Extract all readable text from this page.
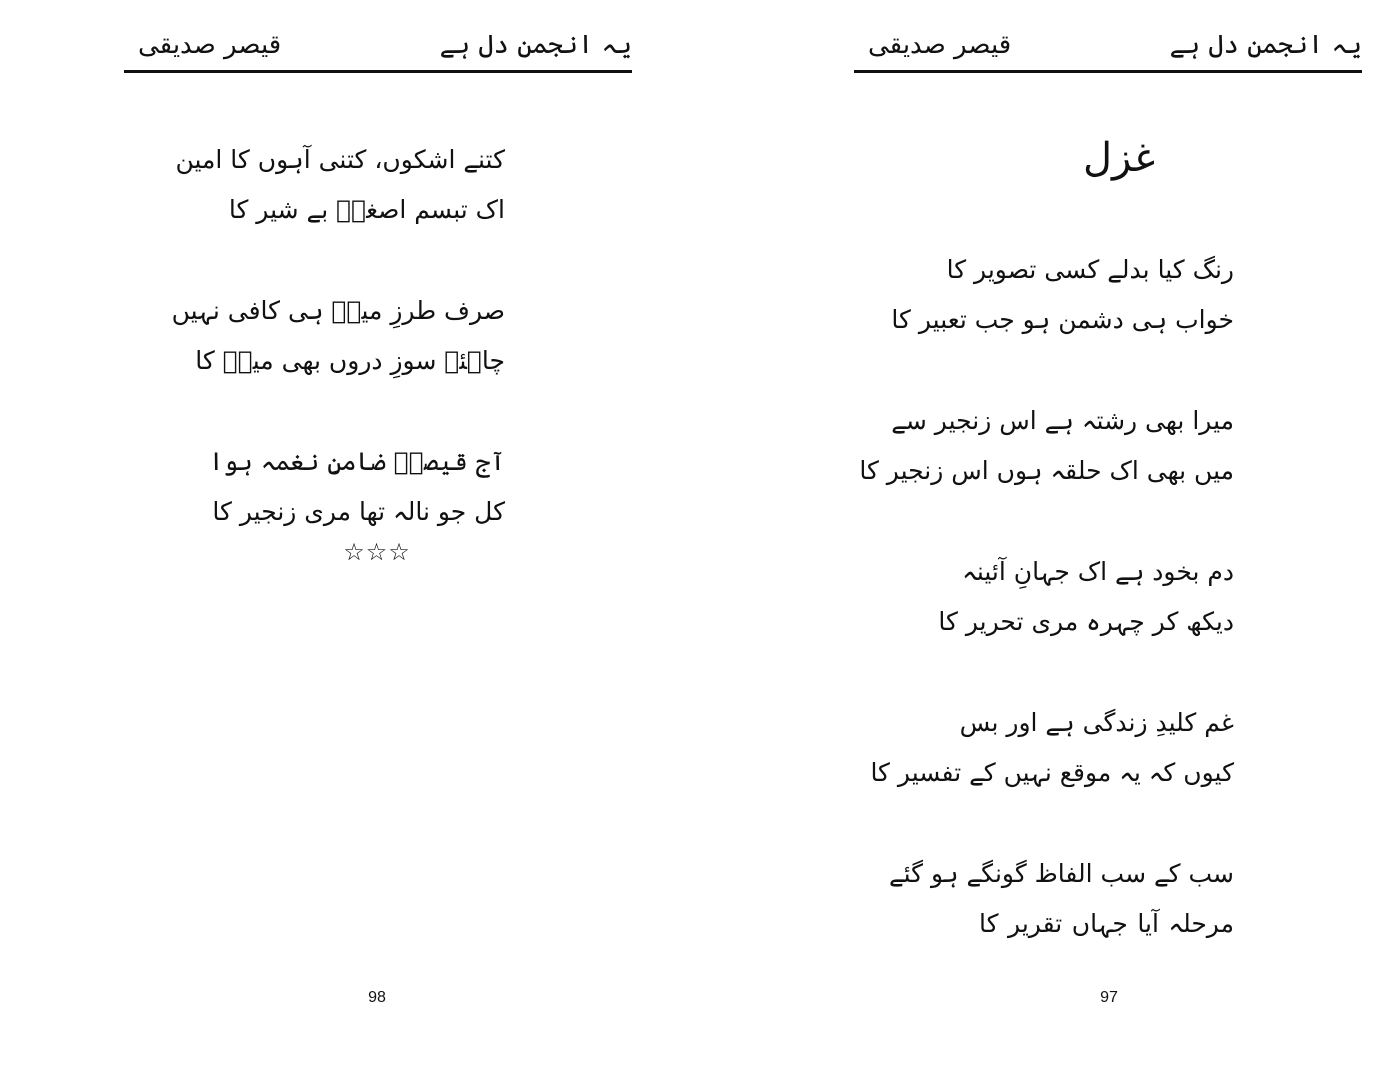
یہ انجمن دل ہے
قیصر صدیقی
کتنے اشکوں، کتنی آہوں کا امین
اک تبسم اصغرؑ بے شیر کا
صرف طرزِ میرؔ ہی کافی نہیں
چاہئے سوزِ دروں بھی میرؔ کا
آج قیصرؔ ضامنِ نغمہ ہوا
کل جو نالہ تھا مری زنجیر کا
☆☆☆
98
یہ انجمن دل ہے
قیصر صدیقی
غزل
رنگ کیا بدلے کسی تصویر کا
خواب ہی دشمن ہو جب تعبیر کا
میرا بھی رشتہ ہے اس زنجیر سے
میں بھی اک حلقہ ہوں اس زنجیر کا
دم بخود ہے اک جہانِ آئینہ
دیکھ کر چہرہ مری تحریر کا
غم کلیدِ زندگی ہے اور بس
کیوں کہ یہ موقع نہیں کے تفسیر کا
سب کے سب الفاظ گونگے ہو گئے
مرحلہ آیا جہاں تقریر کا
97
